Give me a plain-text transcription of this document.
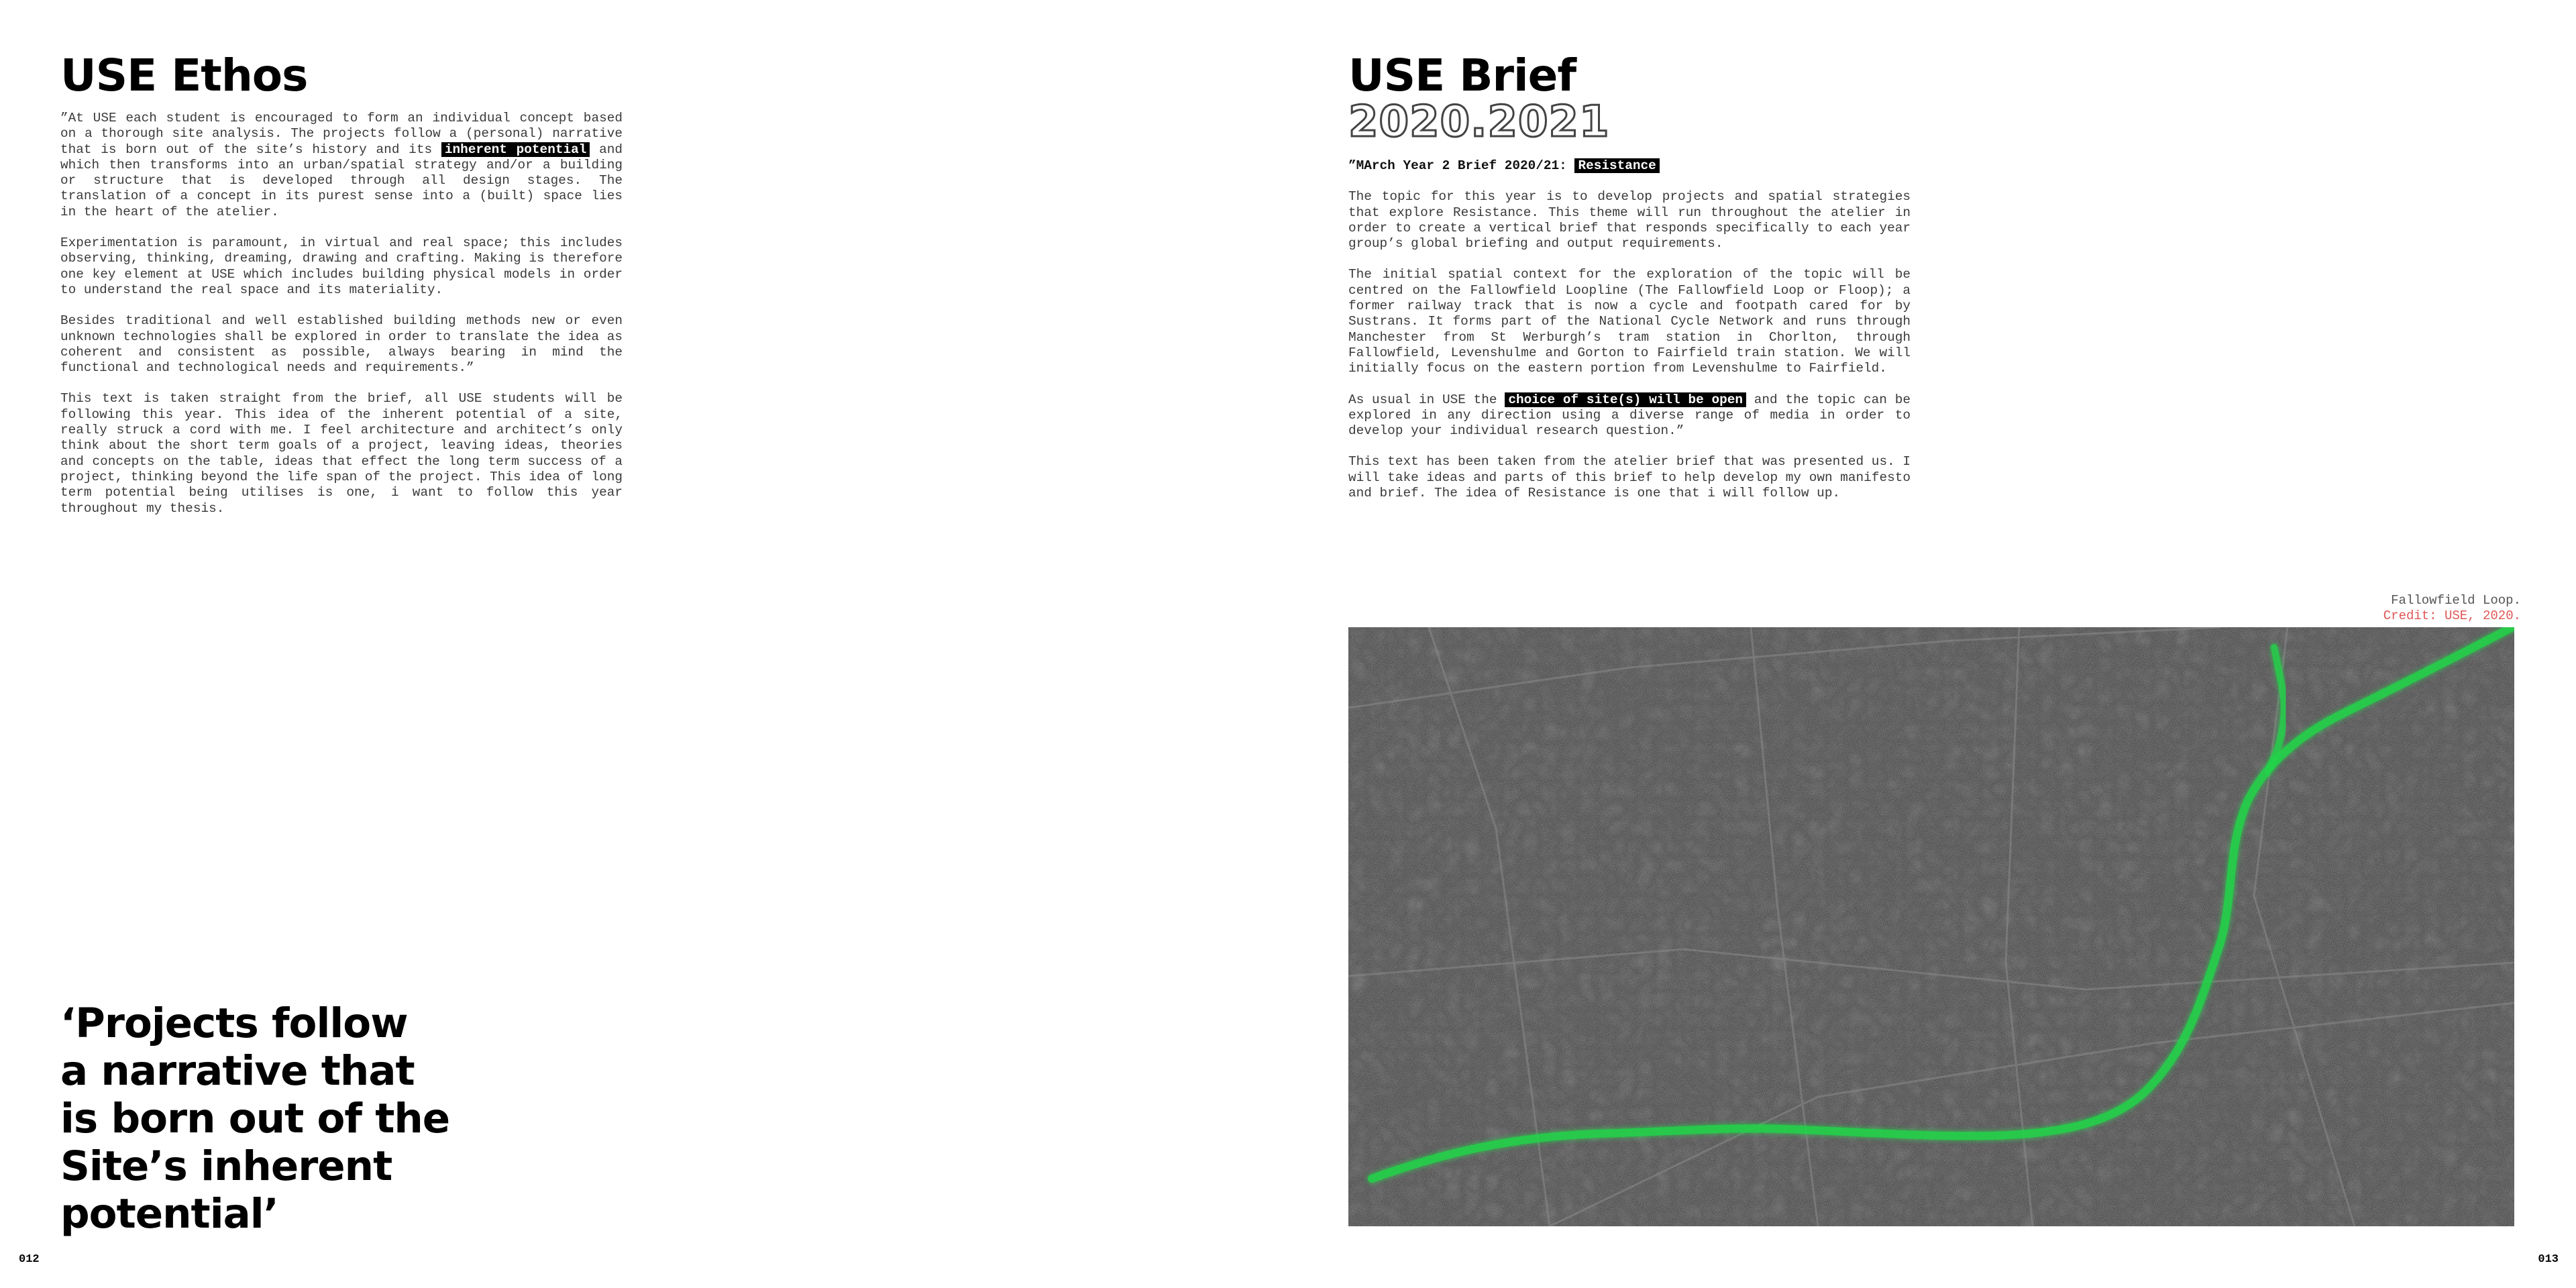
USE Ethos

”At USE each student is encouraged to form an individual concept based on a thorough site analysis. The projects follow a (personal) narrative that is born out of the site’s history and its inherent potential and which then transforms into an urban/spatial strategy and/or a building or structure that is developed through all design stages. The translation of a concept in its purest sense into a (built) space lies in the heart of the atelier.

Experimentation is paramount, in virtual and real space; this includes observing, thinking, dreaming, drawing and crafting. Making is therefore one key element at USE which includes building physical models in order to understand the real space and its materiality.

Besides traditional and well established building methods new or even unknown technologies shall be explored in order to translate the idea as coherent and consistent as possible, always bearing in mind the functional and technological needs and requirements.”

This text is taken straight from the brief, all USE students will be following this year. This idea of the inherent potential of a site, really struck a cord with me. I feel architecture and architect’s only think about the short term goals of a project, leaving ideas, theories and concepts on the table, ideas that effect the long term success of a project, thinking beyond the life span of the project. This idea of long term potential being utilises is one, i want to follow this year throughout my thesis.

‘Projects follow
a narrative that
is born out of the
Site’s inherent
potential’
012
USE Brief
2020.2021

”MArch Year 2 Brief 2020/21: Resistance

The topic for this year is to develop projects and spatial strategies that explore Resistance. This theme will run throughout the atelier in order to create a vertical brief that responds specifically to each year group’s global briefing and output requirements.

The initial spatial context for the exploration of the topic will be centred on the Fallowfield Loopline (The Fallowfield Loop or Floop); a former railway track that is now a cycle and footpath cared for by Sustrans. It forms part of the National Cycle Network and runs through Manchester from St Werburgh’s tram station in Chorlton, through Fallowfield, Levenshulme and Gorton to Fairfield train station. We will initially focus on the eastern portion from Levenshulme to Fairfield.

As usual in USE the choice of site(s) will be open and the topic can be explored in any direction using a diverse range of media in order to develop your individual research question.”

This text has been taken from the atelier brief that was presented us. I will take ideas and parts of this brief to help develop my own manifesto and brief. The idea of Resistance is one that i will follow up.

Fallowfield Loop.
Credit: USE, 2020.
013
